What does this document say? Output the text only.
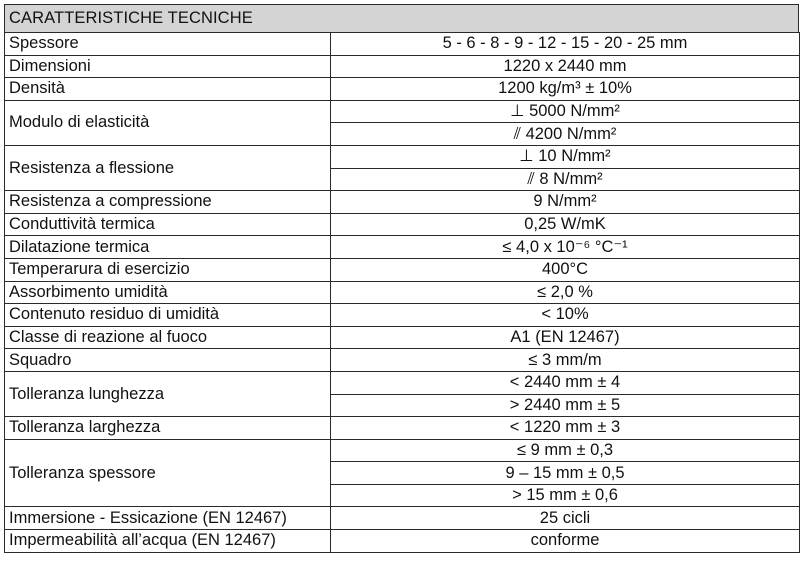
CARATTERISTICHE TECNICHE
Spessore	5 - 6 - 8 - 9 - 12 - 15 - 20 - 25 mm
Dimensioni	1220 x 2440 mm
Densità	1200 kg/m³ ± 10%
Modulo di elasticità	⊥ 5000 N/mm²
	⫽ 4200 N/mm²
Resistenza a flessione	⊥ 10 N/mm²
	⫽ 8 N/mm²
Resistenza a compressione	9 N/mm²
Conduttività termica	0,25 W/mK
Dilatazione termica	≤ 4,0 x 10⁻⁶ °C⁻¹
Temperarura di esercizio	400°C
Assorbimento umidità	≤ 2,0 %
Contenuto residuo di umidità	< 10%
Classe di reazione al fuoco	A1 (EN 12467)
Squadro	≤ 3 mm/m
Tolleranza lunghezza	< 2440 mm ± 4
	> 2440 mm ± 5
Tolleranza larghezza	< 1220 mm ± 3
Tolleranza spessore	≤ 9 mm ± 0,3
	9 – 15 mm ± 0,5
	> 15 mm ± 0,6
Immersione - Essicazione (EN 12467)	25 cicli
Impermeabilità all’acqua (EN 12467)	conforme
